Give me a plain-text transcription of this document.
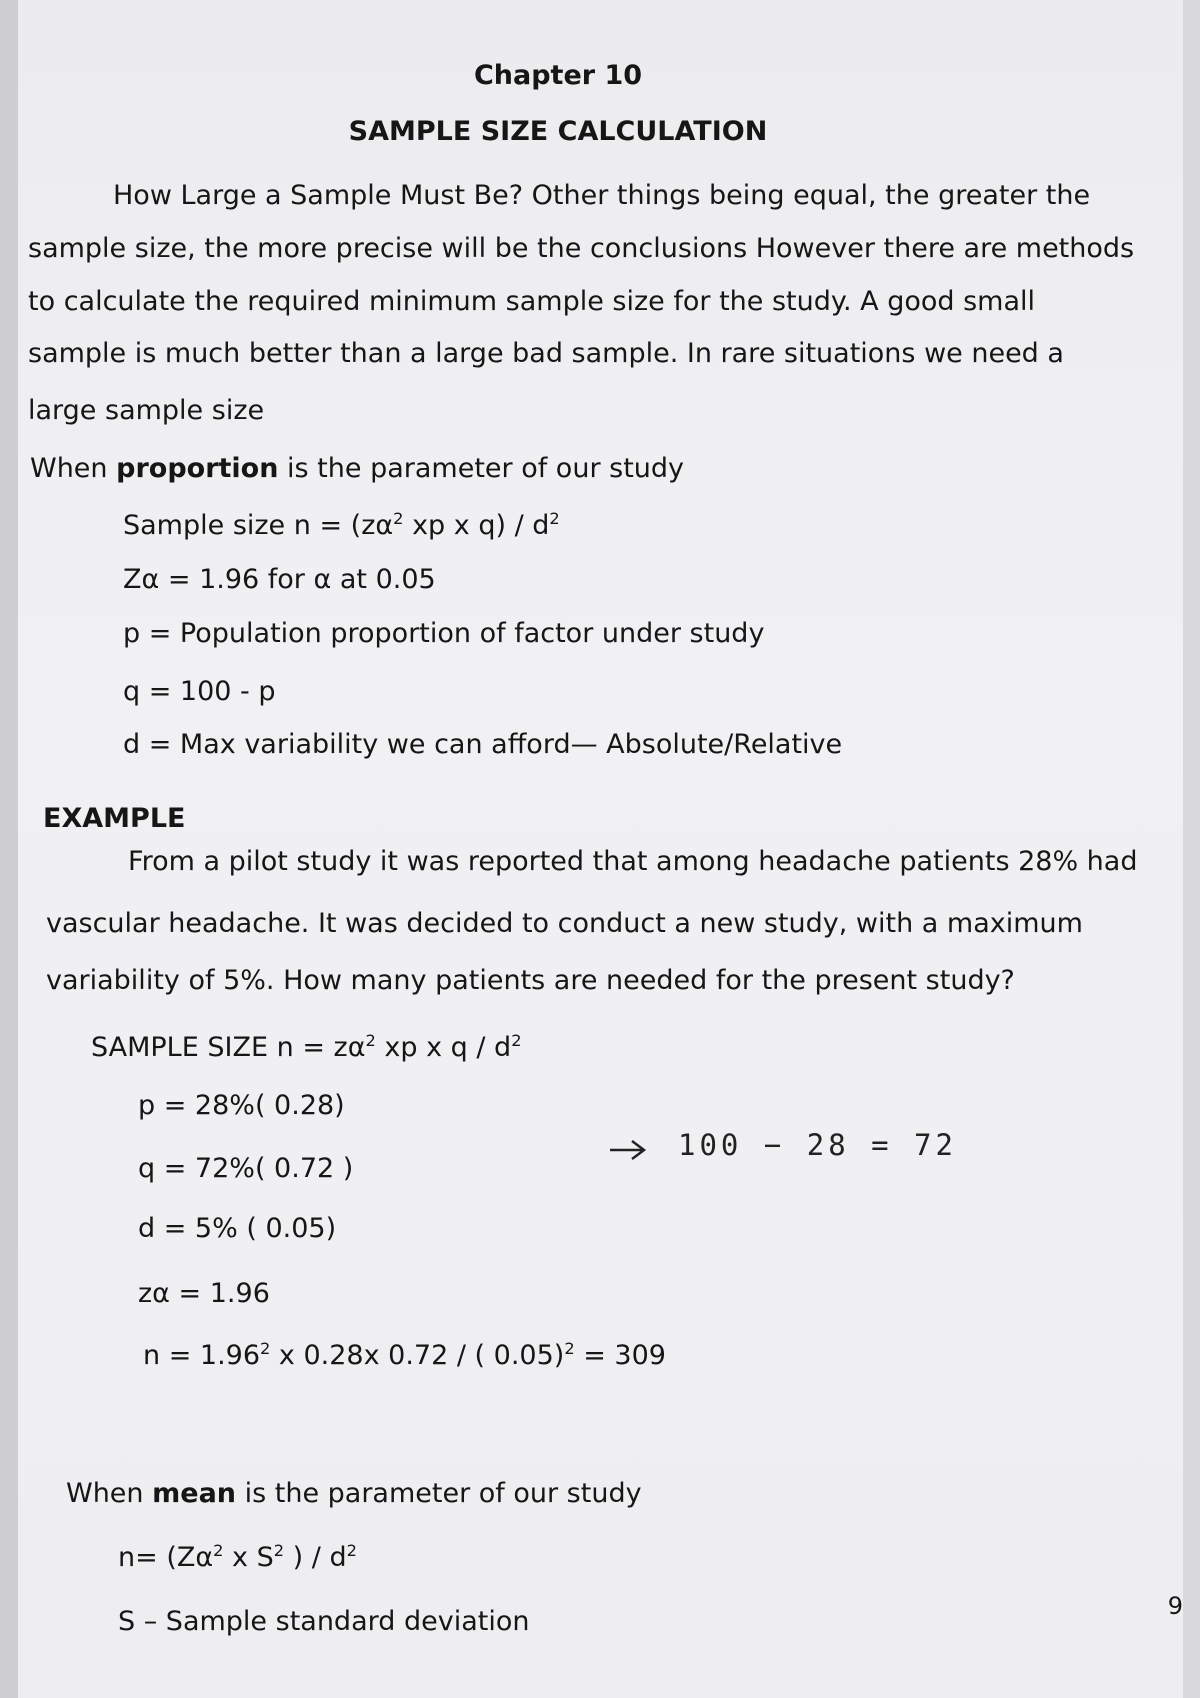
Chapter 10
SAMPLE SIZE CALCULATION
How Large a Sample Must Be? Other things being equal, the greater the
sample size, the more precise will be the conclusions However there are methods
to calculate the required minimum sample size for the study. A good small
sample is much better than a large bad sample. In rare situations we need a
large sample size
When proportion is the parameter of our study
Sample size $n = (z\alpha^2$ xp x $q) / d^2$
Zα = 1.96 for α at 0.05
p = Population proportion of factor under study
q = 100 - p
d = Max variability we can afford— Absolute/Relative
EXAMPLE
From a pilot study it was reported that among headache patients 28% had
vascular headache. It was decided to conduct a new study, with a maximum
variability of 5%. How many patients are needed for the present study?
SAMPLE SIZE $n = z\alpha^2$ xp x q / $d^2$
p = 28%( 0.28)
q = 72%( 0.72 )
100 − 28 = 72
d = 5% ( 0.05)
zα = 1.96
$n = 1.96^2$ x 0.28x 0.72 / ( 0.05)$^2$ = 309
When mean is the parameter of our study
$n= (Z\alpha^2$ x $S^2$ ) / $d^2$
S – Sample standard deviation	9
